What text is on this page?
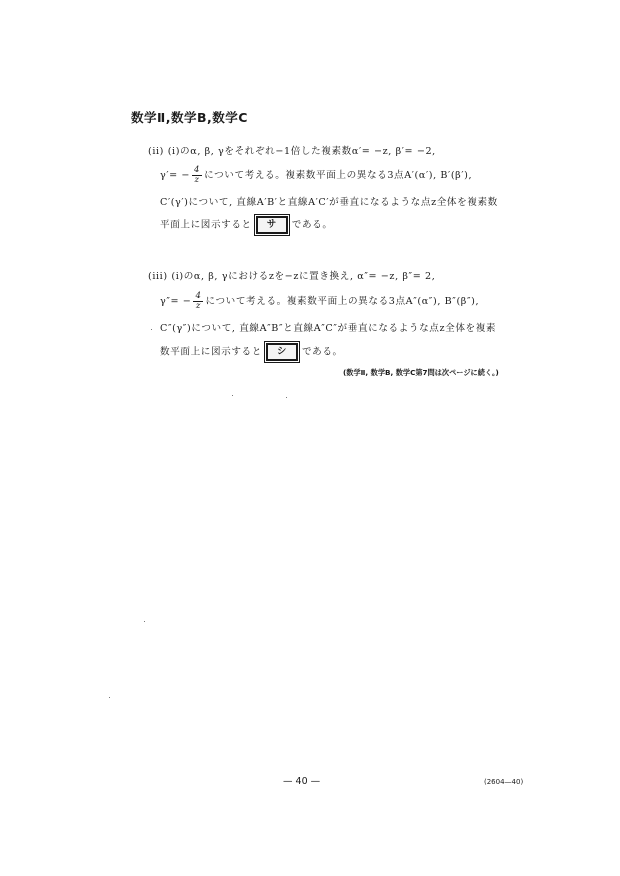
数学Ⅱ,数学B,数学C
(ii) (i)のα, β, γをそれぞれ−1倍した複素数α′= −z, β′= −2,
$\gamma'= - \frac{4}{z}$ について考える。複素数平面上の異なる3点A′(α′), B′(β′),
C′(γ′)について, 直線A′B′と直線A′C′が垂直になるような点z全体を複素数
平面上に図示すると サ である。
(iii) (i)のα, β, γにおけるzを−zに置き換え, α″= −z, β″= 2,
$\gamma''= - \frac{4}{z}$ について考える。複素数平面上の異なる3点A″(α″), B″(β″),
C″(γ″)について, 直線A″B″と直線A″C″が垂直になるような点z全体を複素
数平面上に図示すると シ である。
(数学Ⅱ, 数学B, 数学C第7問は次ページに続く。)
— 40 —	(2604—40)
